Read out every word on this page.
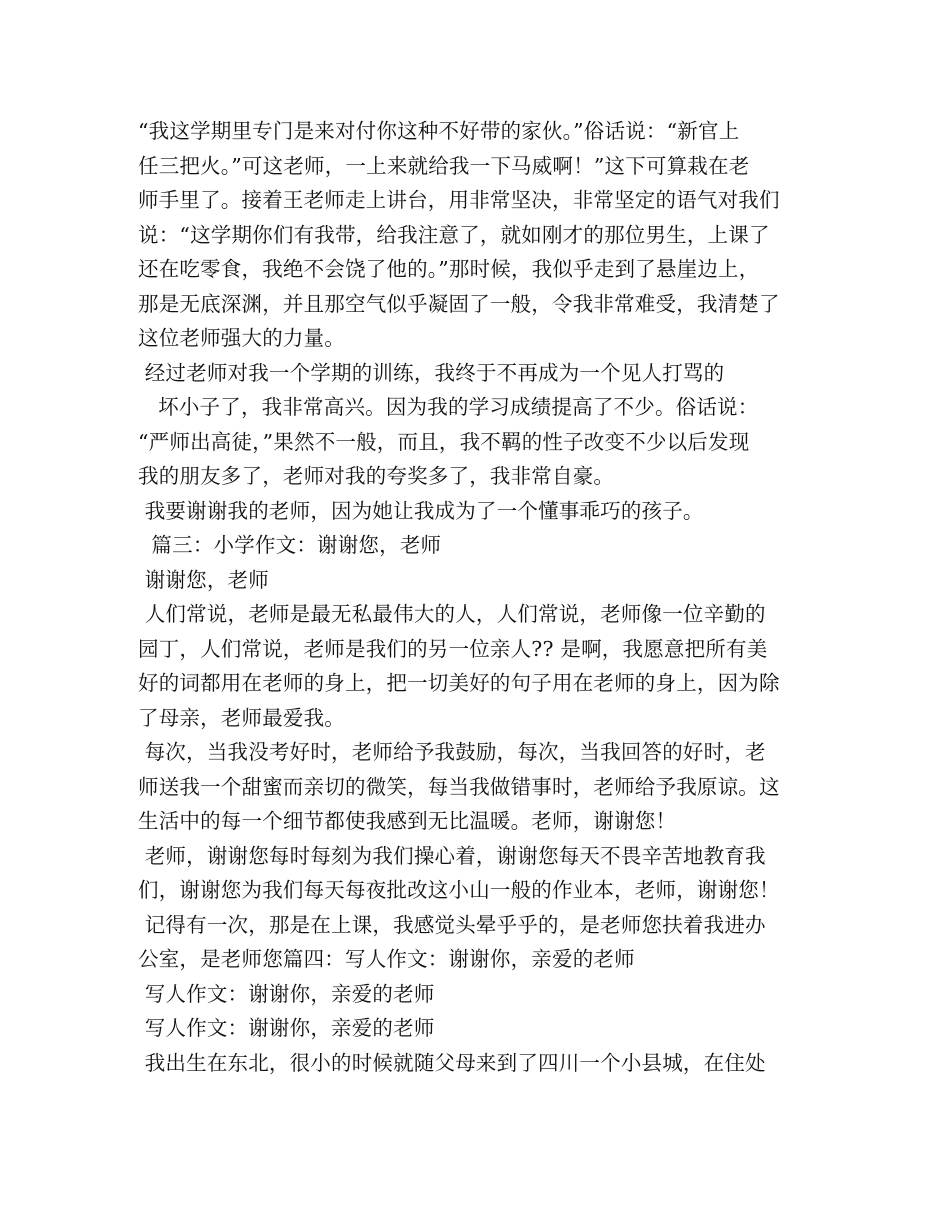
“我这学期里专门是来对付你这种不好带的家伙。”俗话说：“新官上
任三把火。”可这老师，一上来就给我一下马威啊！”这下可算栽在老
师手里了。接着王老师走上讲台，用非常坚决，非常坚定的语气对我们
说：“这学期你们有我带，给我注意了，就如刚才的那位男生，上课了
还在吃零食，我绝不会饶了他的。”那时候，我似乎走到了悬崖边上，
那是无底深渊，并且那空气似乎凝固了一般，令我非常难受，我清楚了
这位老师强大的力量。
经过老师对我一个学期的训练，我终于不再成为一个见人打骂的
坏小子了，我非常高兴。因为我的学习成绩提高了不少。俗话说：
“严师出高徒，”果然不一般，而且，我不羁的性子改变不少以后发现
我的朋友多了，老师对我的夸奖多了，我非常自豪。
我要谢谢我的老师，因为她让我成为了一个懂事乖巧的孩子。
篇三：小学作文：谢谢您，老师
谢谢您，老师
人们常说，老师是最无私最伟大的人，人们常说，老师像一位辛勤的
园丁，人们常说，老师是我们的另一位亲人?? 是啊，我愿意把所有美
好的词都用在老师的身上，把一切美好的句子用在老师的身上，因为除
了母亲，老师最爱我。
每次，当我没考好时，老师给予我鼓励，每次，当我回答的好时，老
师送我一个甜蜜而亲切的微笑，每当我做错事时，老师给予我原谅。这
生活中的每一个细节都使我感到无比温暖。老师，谢谢您！
老师，谢谢您每时每刻为我们操心着，谢谢您每天不畏辛苦地教育我
们，谢谢您为我们每天每夜批改这小山一般的作业本，老师，谢谢您！
记得有一次，那是在上课，我感觉头晕乎乎的，是老师您扶着我进办
公室，是老师您篇四：写人作文：谢谢你，亲爱的老师
写人作文：谢谢你，亲爱的老师
写人作文：谢谢你，亲爱的老师
我出生在东北，很小的时候就随父母来到了四川一个小县城，在住处
